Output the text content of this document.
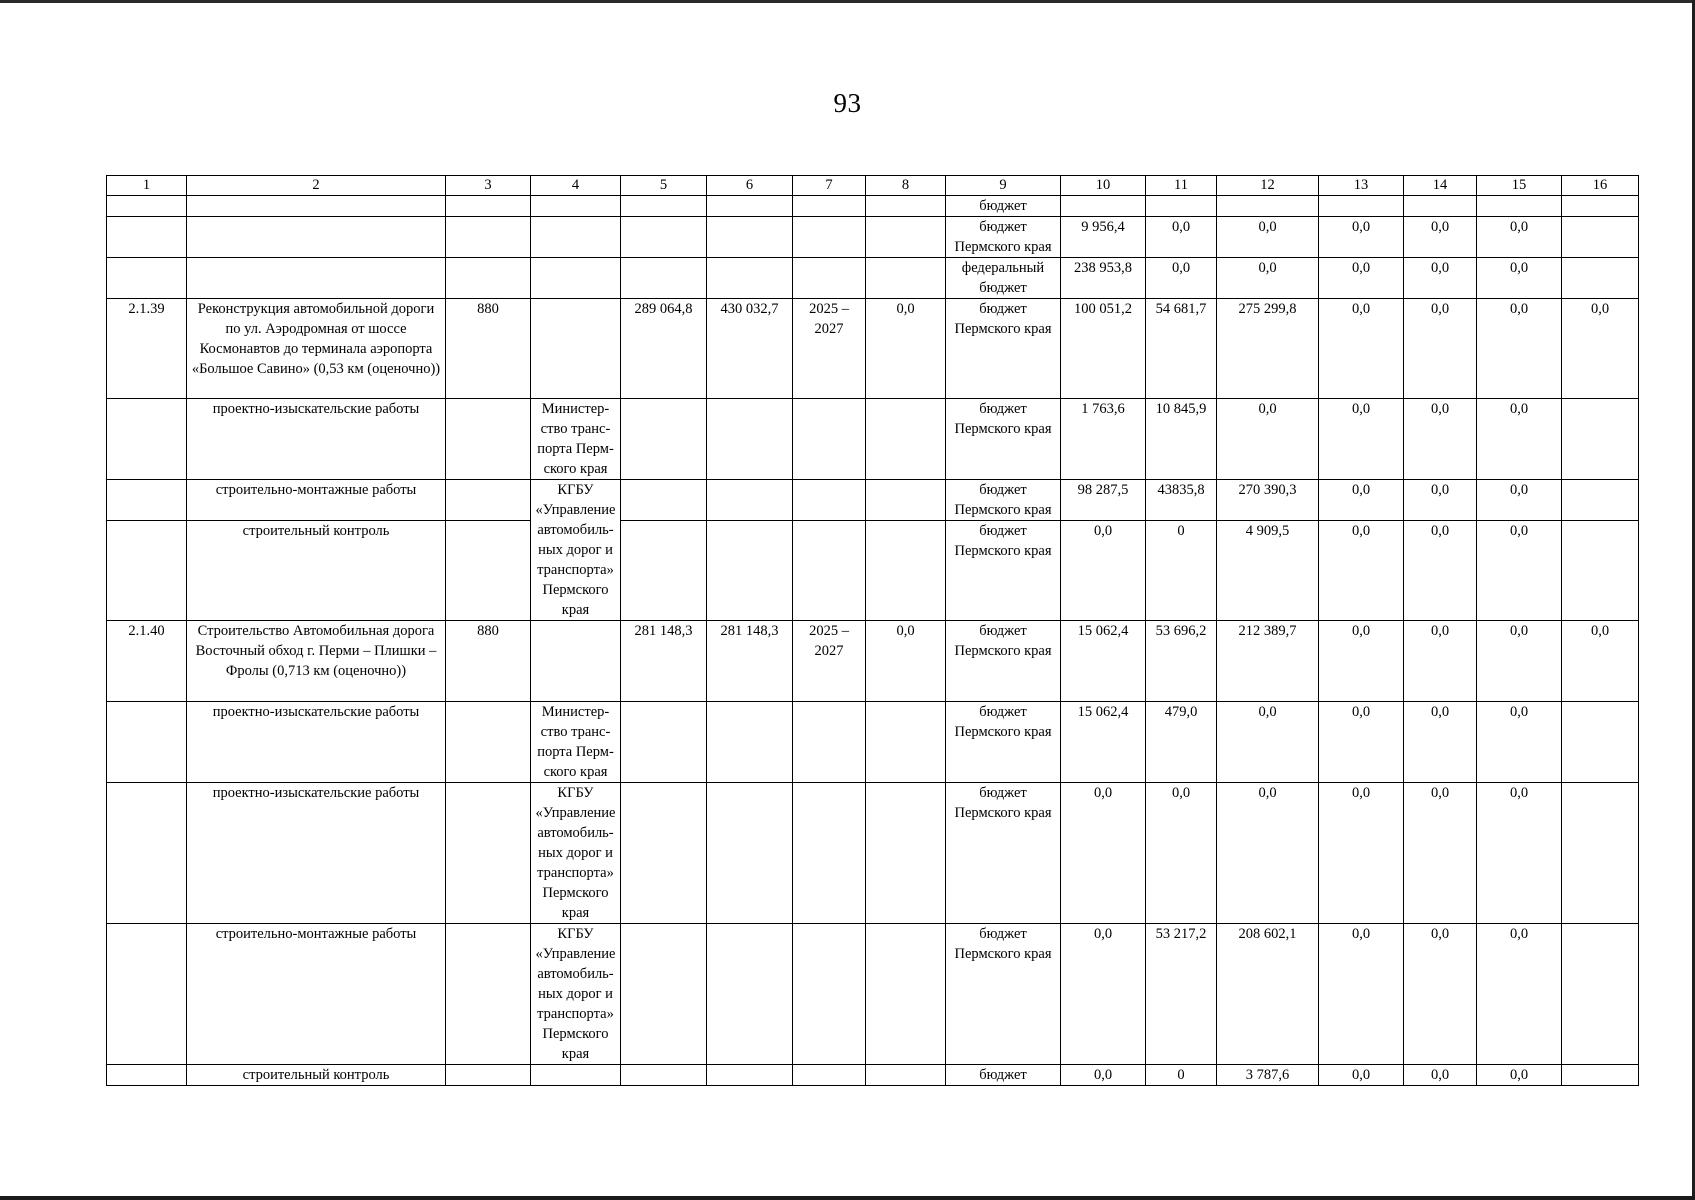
93
1	2	3	4	5	6	7	8	9	10	11	12	13	14	15	16
								бюджет							
								бюджет Пермского края	9 956,4	0,0	0,0	0,0	0,0	0,0	
								федеральный бюджет	238 953,8	0,0	0,0	0,0	0,0	0,0	
2.1.39	Реконструкция автомобильной дороги по ул. Аэродромная от шоссе Космонавтов до терминала аэропорта «Большое Савино» (0,53 км (оценочно))	880		289 064,8	430 032,7	2025 – 2027	0,0	бюджет Пермского края	100 051,2	54 681,7	275 299,8	0,0	0,0	0,0	0,0
	проектно-изыскательские работы		Министерство транспорта Пермского края					бюджет Пермского края	1 763,6	10 845,9	0,0	0,0	0,0	0,0	
	строительно-монтажные работы		КГБУ «Управление автомобильных дорог и транспорта» Пермского края					бюджет Пермского края	98 287,5	43835,8	270 390,3	0,0	0,0	0,0	
	строительный контроль							бюджет Пермского края	0,0	0	4 909,5	0,0	0,0	0,0	
2.1.40	Строительство Автомобильная дорога Восточный обход г. Перми – Плишки – Фролы (0,713 км (оценочно))	880		281 148,3	281 148,3	2025 – 2027	0,0	бюджет Пермского края	15 062,4	53 696,2	212 389,7	0,0	0,0	0,0	0,0
	проектно-изыскательские работы		Министерство транспорта Пермского края					бюджет Пермского края	15 062,4	479,0	0,0	0,0	0,0	0,0	
	проектно-изыскательские работы		КГБУ «Управление автомобильных дорог и транспорта» Пермского края					бюджет Пермского края	0,0	0,0	0,0	0,0	0,0	0,0	
	строительно-монтажные работы		КГБУ «Управление автомобильных дорог и транспорта» Пермского края					бюджет Пермского края	0,0	53 217,2	208 602,1	0,0	0,0	0,0	
	строительный контроль							бюджет	0,0	0	3 787,6	0,0	0,0	0,0	
